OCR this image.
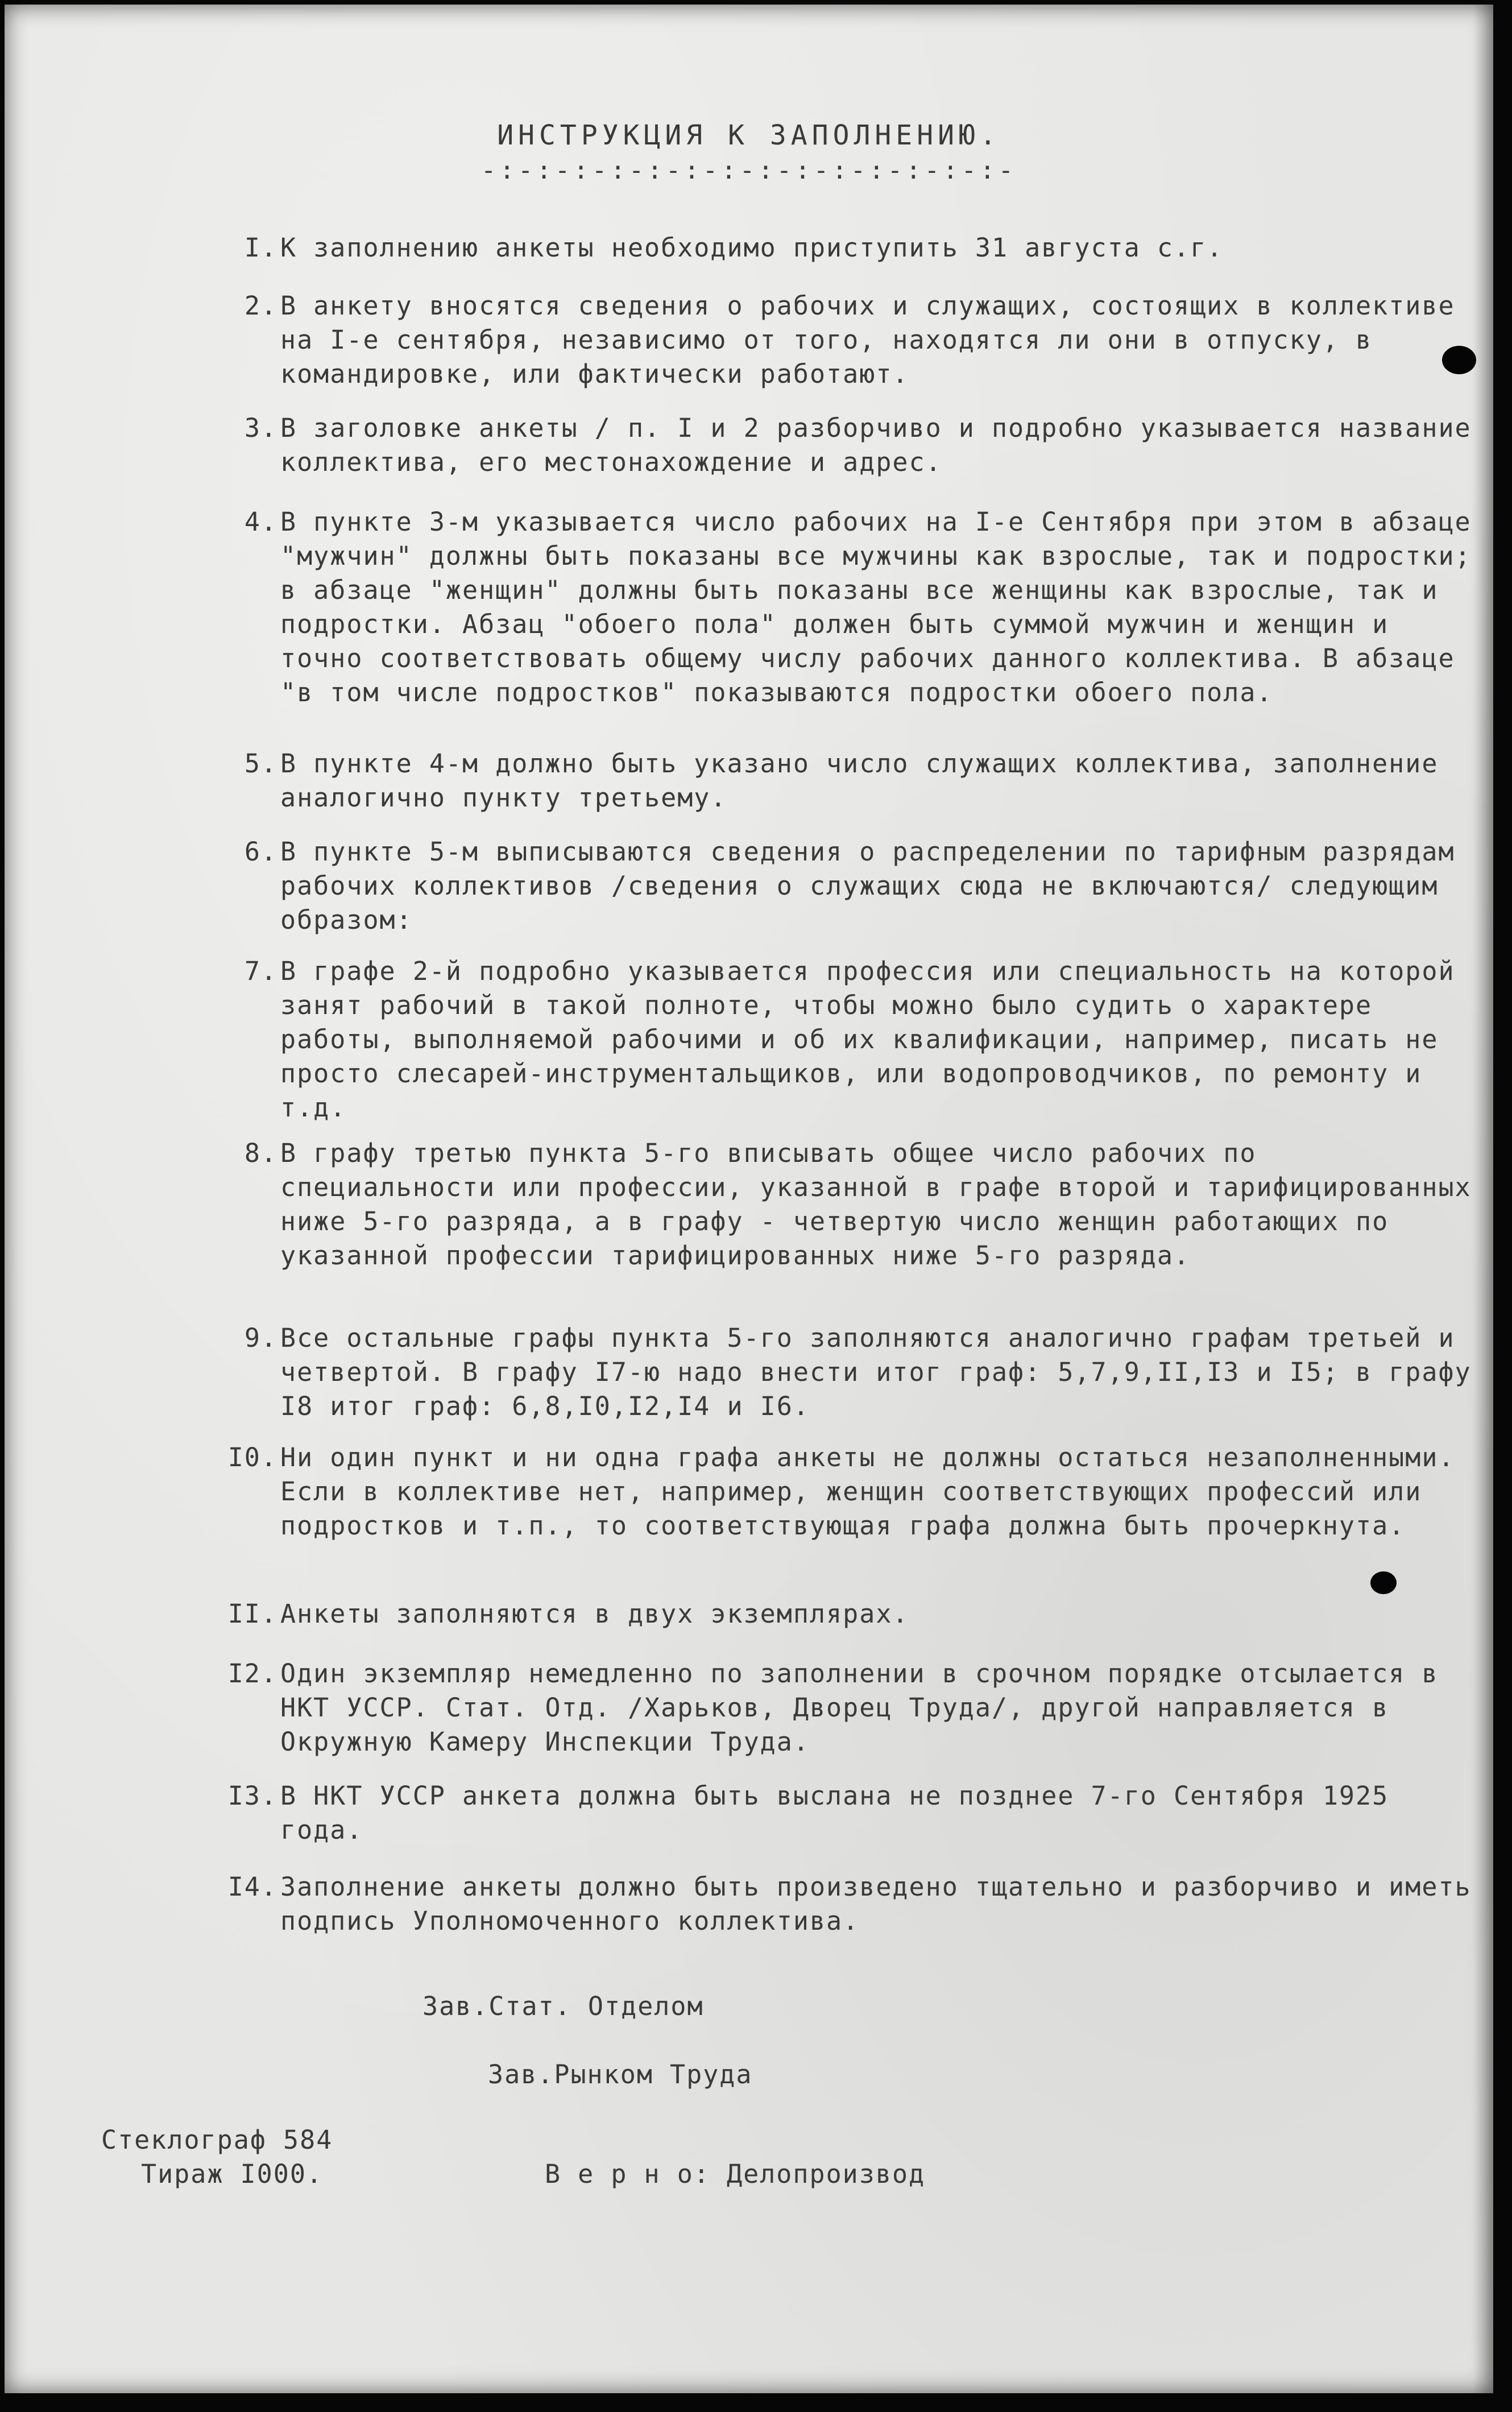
ИНСТРУКЦИЯ К ЗАПОЛНЕНИЮ.
-:-:-:-:-:-:-:-:-:-:-:-:-:-:-
I. К заполнению анкеты необходимо приступить 31 августа с.г.
2. В анкету вносятся сведения о рабочих и служащих, состоящих в коллективе на I-е сентября, независимо от того, находятся ли они в отпуску, в командировке, или фактически работают.
3. В заголовке анкеты / п. I и 2 разборчиво и подробно указывается название коллектива, его местонахождение и адрес.
4. В пункте 3-м указывается число рабочих на I-е Сентября при этом в абзаце "мужчин" должны быть показаны все мужчины как взрослые, так и подростки; в абзаце "женщин" должны быть показаны все женщины как взрослые, так и подростки. Абзац "обоего пола" должен быть суммой мужчин и женщин и точно соответствовать общему числу рабочих данного коллектива. В абзаце "в том числе подростков" показываются подростки обоего пола.
5. В пункте 4-м должно быть указано число служащих коллектива, заполнение аналогично пункту третьему.
6. В пункте 5-м выписываются сведения о распределении по тарифным разрядам рабочих коллективов /сведения о служащих сюда не включаются/ следующим образом:
7. В графе 2-й подробно указывается профессия или специальность на которой занят рабочий в такой полноте, чтобы можно было судить о характере работы, выполняемой рабочими и об их квалификации, например, писать не просто слесарей-инструментальщиков, или водопроводчиков, по ремонту и т.д.
8. В графу третью пункта 5-го вписывать общее число рабочих по специальности или профессии, указанной в графе второй и тарифицированных ниже 5-го разряда, а в графу - четвертую число женщин работающих по указанной профессии тарифицированных ниже 5-го разряда.
9. Все остальные графы пункта 5-го заполняются аналогично графам третьей и четвертой. В графу I7-ю надо внести итог граф: 5,7,9,II,I3 и I5; в графу I8 итог граф: 6,8,I0,I2,I4 и I6.
I0. Ни один пункт и ни одна графа анкеты не должны остаться незаполненными. Если в коллективе нет, например, женщин соответствующих профессий или подростков и т.п., то соответствующая графа должна быть прочеркнута.
II. Анкеты заполняются в двух экземплярах.
I2. Один экземпляр немедленно по заполнении в срочном порядке отсылается в НКТ УССР. Стат. Отд. /Харьков, Дворец Труда/, другой направляется в Окружную Камеру Инспекции Труда.
I3. В НКТ УССР анкета должна быть выслана не позднее 7-го Сентября 1925 года.
I4. Заполнение анкеты должно быть произведено тщательно и разборчиво и иметь подпись Уполномоченного коллектива.
Зав.Стат. Отделом
Зав.Рынком Труда
Стеклограф 584
Тираж I000.	В е р н о: Делопроизвод
